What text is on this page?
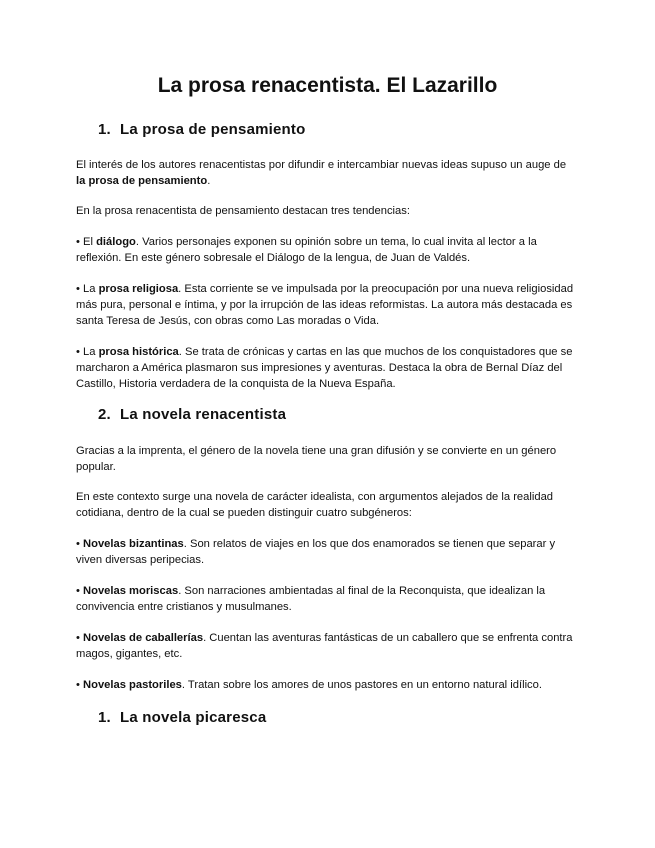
La prosa renacentista. El Lazarillo
1. La prosa de pensamiento

El interés de los autores renacentistas por difundir e intercambiar nuevas ideas supuso un auge de la prosa de pensamiento.

En la prosa renacentista de pensamiento destacan tres tendencias:

• El diálogo. Varios personajes exponen su opinión sobre un tema, lo cual invita al lector a la reflexión. En este género sobresale el Diálogo de la lengua, de Juan de Valdés.

• La prosa religiosa. Esta corriente se ve impulsada por la preocupación por una nueva religiosidad más pura, personal e íntima, y por la irrupción de las ideas reformistas. La autora más destacada es santa Teresa de Jesús, con obras como Las moradas o Vida.

• La prosa histórica. Se trata de crónicas y cartas en las que muchos de los conquistadores que se marcharon a América plasmaron sus impresiones y aventuras. Destaca la obra de Bernal Díaz del Castillo, Historia verdadera de la conquista de la Nueva España.

2. La novela renacentista

Gracias a la imprenta, el género de la novela tiene una gran difusión y se convierte en un género popular.

En este contexto surge una novela de carácter idealista, con argumentos alejados de la realidad cotidiana, dentro de la cual se pueden distinguir cuatro subgéneros:

• Novelas bizantinas. Son relatos de viajes en los que dos enamorados se tienen que separar y viven diversas peripecias.

• Novelas moriscas. Son narraciones ambientadas al final de la Reconquista, que idealizan la convivencia entre cristianos y musulmanes.

• Novelas de caballerías. Cuentan las aventuras fantásticas de un caballero que se enfrenta contra magos, gigantes, etc.

• Novelas pastoriles. Tratan sobre los amores de unos pastores en un entorno natural idílico.

1. La novela picaresca
